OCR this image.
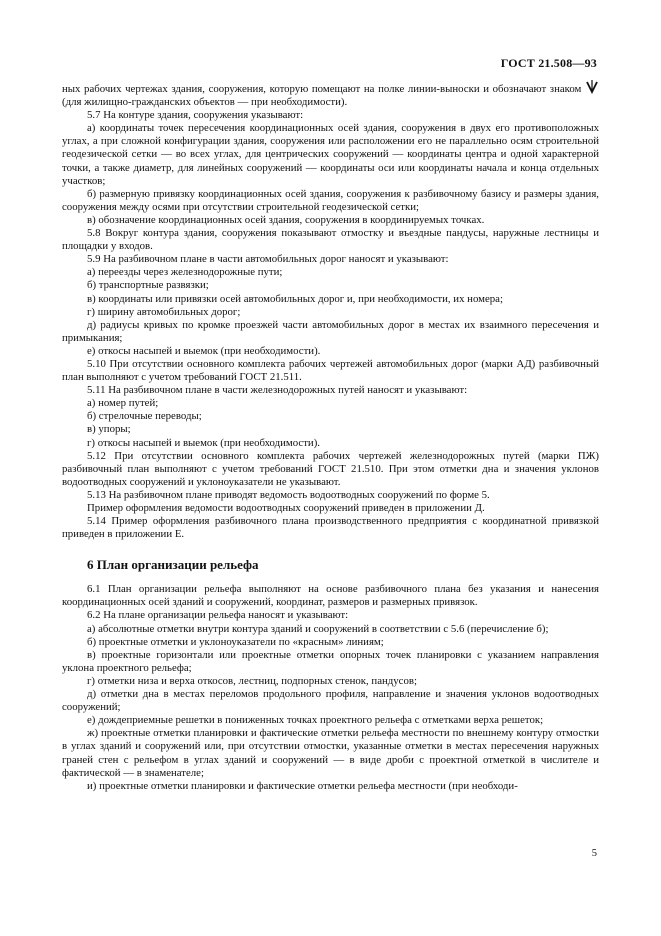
ГОСТ 21.508—93

ных рабочих чертежах здания, сооружения, которую помещают на полке линии-выноски и обозначают знаком  (для жилищно-гражданских объектов — при необходимости).

5.7 На контуре здания, сооружения указывают:

а) координаты точек пересечения координационных осей здания, сооружения в двух его противоположных углах, а при сложной конфигурации здания, сооружения или расположении его не параллельно осям строительной геодезической сетки — во всех углах, для центрических сооружений — координаты центра и одной характерной точки, а также диаметр, для линейных сооружений — координаты оси или координаты начала и конца отдельных участков;

б) размерную привязку координационных осей здания, сооружения к разбивочному базису и размеры здания, сооружения между осями при отсутствии строительной геодезической сетки;

в) обозначение координационных осей здания, сооружения в координируемых точках.

5.8 Вокруг контура здания, сооружения показывают отмостку и въездные пандусы, наружные лестницы и площадки у входов.

5.9 На разбивочном плане в части автомобильных дорог наносят и указывают:

а) переезды через железнодорожные пути;

б) транспортные развязки;

в) координаты или привязки осей автомобильных дорог и, при необходимости, их номера;

г) ширину автомобильных дорог;

д) радиусы кривых по кромке проезжей части автомобильных дорог в местах их взаимного пересечения и примыкания;

е) откосы насыпей и выемок (при необходимости).

5.10 При отсутствии основного комплекта рабочих чертежей автомобильных дорог (марки АД) разбивочный план выполняют с учетом требований ГОСТ 21.511.

5.11 На разбивочном плане в части железнодорожных путей наносят и указывают:

а) номер путей;

б) стрелочные переводы;

в) упоры;

г) откосы насыпей и выемок (при необходимости).

5.12 При отсутствии основного комплекта рабочих чертежей железнодорожных путей (марки ПЖ) разбивочный план выполняют с учетом требований ГОСТ 21.510. При этом отметки дна и значения уклонов водоотводных сооружений и уклоноуказатели не указывают.

5.13 На разбивочном плане приводят ведомость водоотводных сооружений по форме 5.

Пример оформления ведомости водоотводных сооружений приведен в приложении Д.

5.14 Пример оформления разбивочного плана производственного предприятия с координатной привязкой приведен в приложении Е.

6 План организации рельефа

6.1 План организации рельефа выполняют на основе разбивочного плана без указания и нанесения координационных осей зданий и сооружений, координат, размеров и размерных привязок.

6.2 На плане организации рельефа наносят и указывают:

а) абсолютные отметки внутри контура зданий и сооружений в соответствии с 5.6 (перечисление б);

б) проектные отметки и уклоноуказатели по «красным» линиям;

в) проектные горизонтали или проектные отметки опорных точек планировки с указанием направления уклона проектного рельефа;

г) отметки низа и верха откосов, лестниц, подпорных стенок, пандусов;

д) отметки дна в местах переломов продольного профиля, направление и значения уклонов водоотводных сооружений;

е) дождеприемные решетки в пониженных точках проектного рельефа с отметками верха решеток;

ж) проектные отметки планировки и фактические отметки рельефа местности по внешнему контуру отмостки в углах зданий и сооружений или, при отсутствии отмостки, указанные отметки в местах пересечения наружных граней стен с рельефом в углах зданий и сооружений — в виде дроби с проектной отметкой в числителе и фактической — в знаменателе;

и) проектные отметки планировки и фактические отметки рельефа местности (при необходи-

5
